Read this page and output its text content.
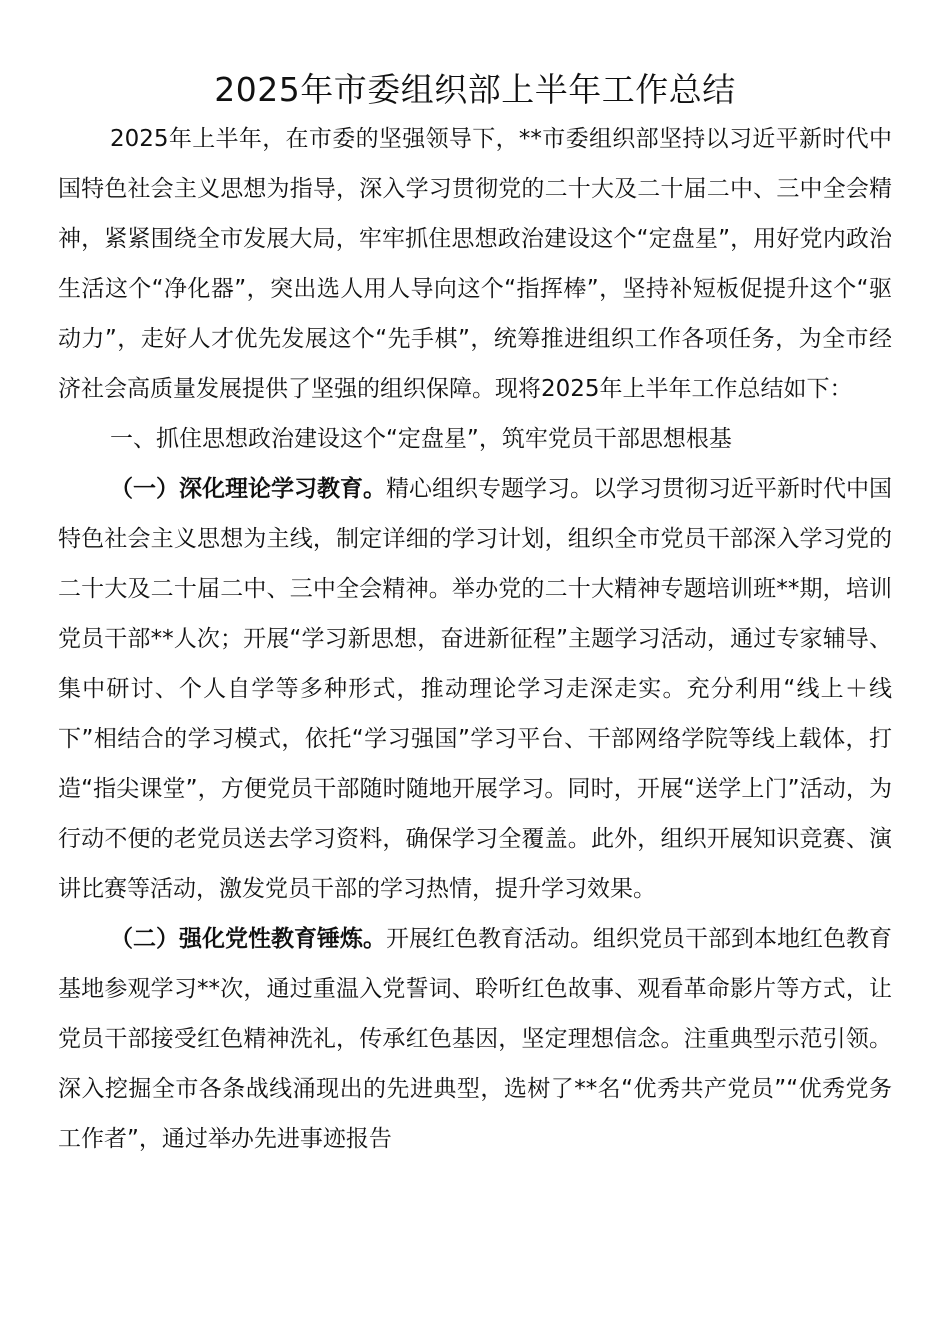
2025年市委组织部上半年工作总结

2025年上半年，在市委的坚强领导下，**市委组织部坚持以习近平新时代中国特色社会主义思想为指导，深入学习贯彻党的二十大及二十届二中、三中全会精神，紧紧围绕全市发展大局，牢牢抓住思想政治建设这个“定盘星”，用好党内政治生活这个“净化器”，突出选人用人导向这个“指挥棒”，坚持补短板促提升这个“驱动力”，走好人才优先发展这个“先手棋”，统筹推进组织工作各项任务，为全市经济社会高质量发展提供了坚强的组织保障。现将2025年上半年工作总结如下：

一、抓住思想政治建设这个“定盘星”，筑牢党员干部思想根基

（一）深化理论学习教育。精心组织专题学习。以学习贯彻习近平新时代中国特色社会主义思想为主线，制定详细的学习计划，组织全市党员干部深入学习党的二十大及二十届二中、三中全会精神。举办党的二十大精神专题培训班**期，培训党员干部**人次；开展“学习新思想，奋进新征程”主题学习活动，通过专家辅导、集中研讨、个人自学等多种形式，推动理论学习走深走实。充分利用“线上＋线下”相结合的学习模式，依托“学习强国”学习平台、干部网络学院等线上载体，打造“指尖课堂”，方便党员干部随时随地开展学习。同时，开展“送学上门”活动，为行动不便的老党员送去学习资料，确保学习全覆盖。此外，组织开展知识竞赛、演讲比赛等活动，激发党员干部的学习热情，提升学习效果。

（二）强化党性教育锤炼。开展红色教育活动。组织党员干部到本地红色教育基地参观学习**次，通过重温入党誓词、聆听红色故事、观看革命影片等方式，让党员干部接受红色精神洗礼，传承红色基因，坚定理想信念。注重典型示范引领。深入挖掘全市各条战线涌现出的先进典型，选树了**名“优秀共产党员”“优秀党务工作者”，通过举办先进事迹报告
